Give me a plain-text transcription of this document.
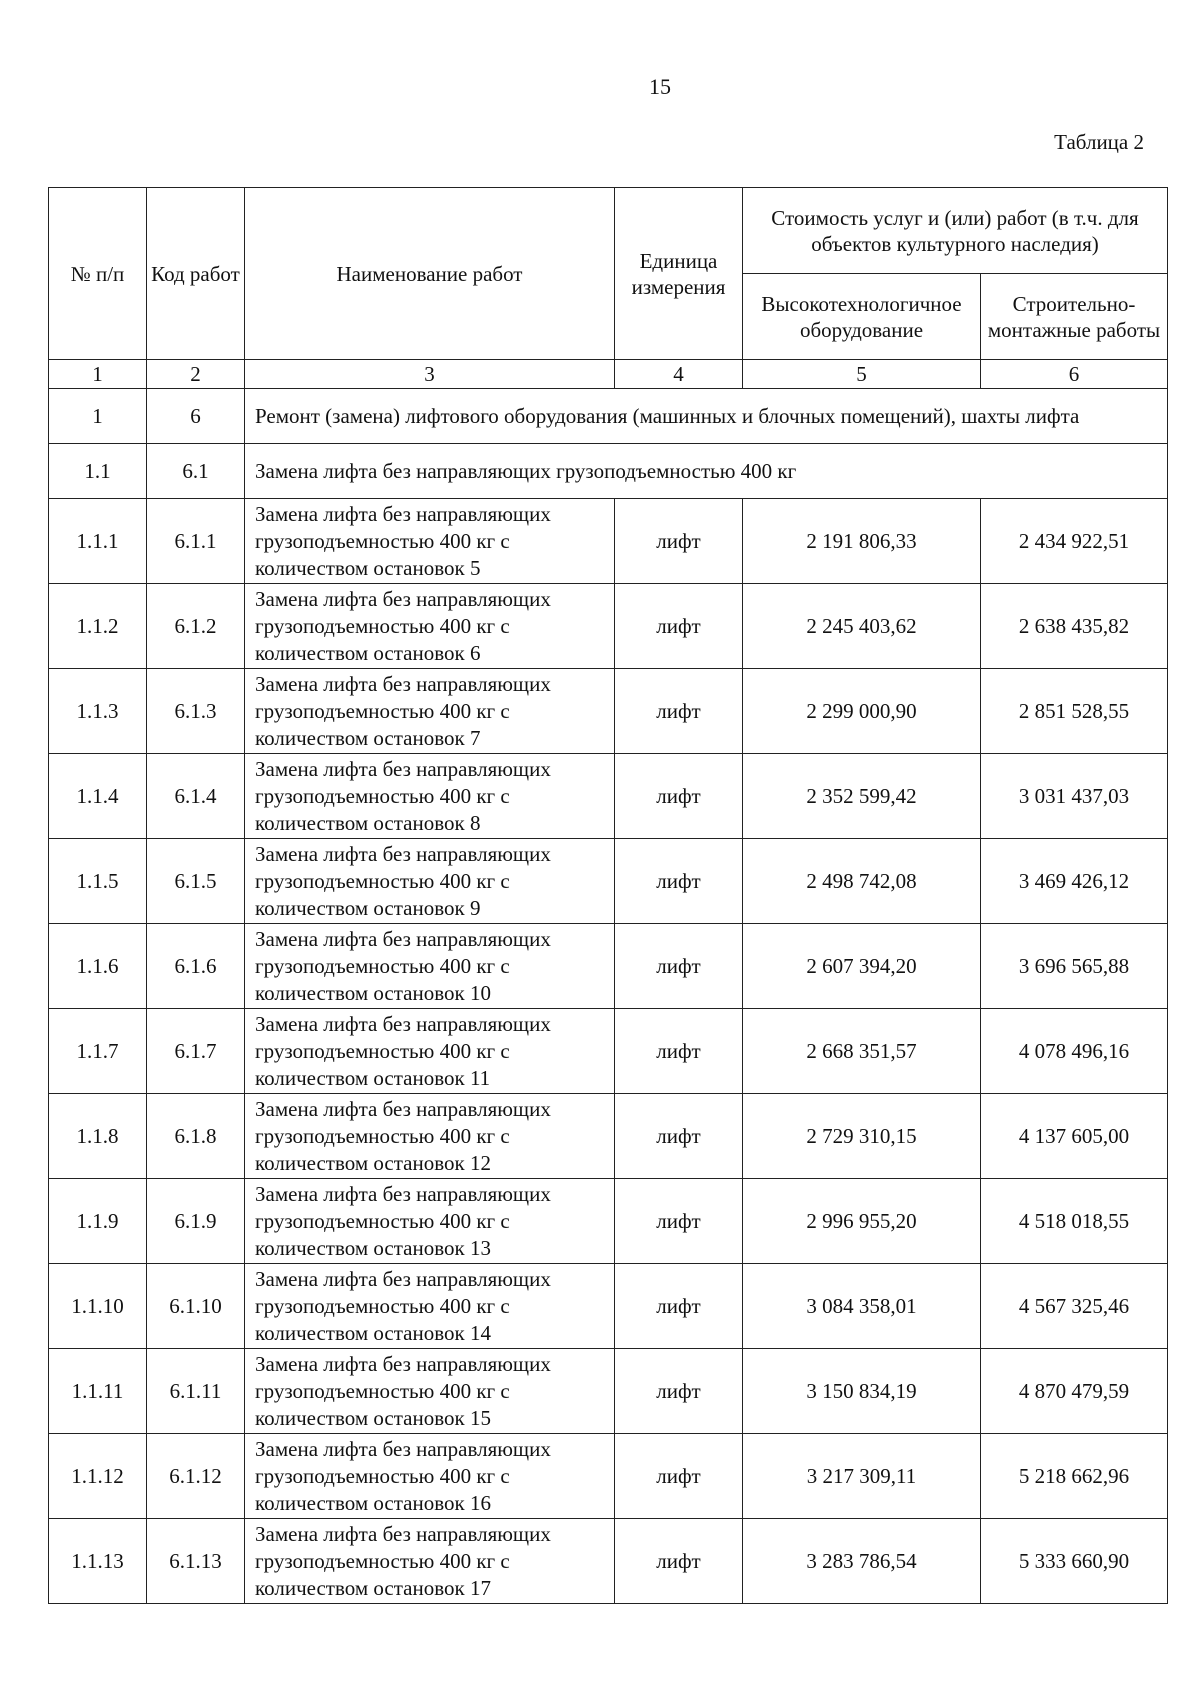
15
Таблица 2
№ п/п	Код работ	Наименование работ	Единица измерения	Стоимость услуг и (или) работ (в т.ч. для объектов культурного наследия)	
				Высокотехнологичное оборудование	Строительно-монтажные работы
1	2	3	4	5	6
1	6	Ремонт (замена) лифтового оборудования (машинных и блочных помещений), шахты лифта			
1.1	6.1	Замена лифта без направляющих грузоподъемностью 400 кг			
1.1.1	6.1.1	Замена лифта без направляющих грузоподъемностью 400 кг с количеством остановок 5	лифт	2 191 806,33	2 434 922,51
1.1.2	6.1.2	Замена лифта без направляющих грузоподъемностью 400 кг с количеством остановок 6	лифт	2 245 403,62	2 638 435,82
1.1.3	6.1.3	Замена лифта без направляющих грузоподъемностью 400 кг с количеством остановок 7	лифт	2 299 000,90	2 851 528,55
1.1.4	6.1.4	Замена лифта без направляющих грузоподъемностью 400 кг с количеством остановок 8	лифт	2 352 599,42	3 031 437,03
1.1.5	6.1.5	Замена лифта без направляющих грузоподъемностью 400 кг с количеством остановок 9	лифт	2 498 742,08	3 469 426,12
1.1.6	6.1.6	Замена лифта без направляющих грузоподъемностью 400 кг с количеством остановок 10	лифт	2 607 394,20	3 696 565,88
1.1.7	6.1.7	Замена лифта без направляющих грузоподъемностью 400 кг с количеством остановок 11	лифт	2 668 351,57	4 078 496,16
1.1.8	6.1.8	Замена лифта без направляющих грузоподъемностью 400 кг с количеством остановок 12	лифт	2 729 310,15	4 137 605,00
1.1.9	6.1.9	Замена лифта без направляющих грузоподъемностью 400 кг с количеством остановок 13	лифт	2 996 955,20	4 518 018,55
1.1.10	6.1.10	Замена лифта без направляющих грузоподъемностью 400 кг с количеством остановок 14	лифт	3 084 358,01	4 567 325,46
1.1.11	6.1.11	Замена лифта без направляющих грузоподъемностью 400 кг с количеством остановок 15	лифт	3 150 834,19	4 870 479,59
1.1.12	6.1.12	Замена лифта без направляющих грузоподъемностью 400 кг с количеством остановок 16	лифт	3 217 309,11	5 218 662,96
1.1.13	6.1.13	Замена лифта без направляющих грузоподъемностью 400 кг с количеством остановок 17	лифт	3 283 786,54	5 333 660,90
